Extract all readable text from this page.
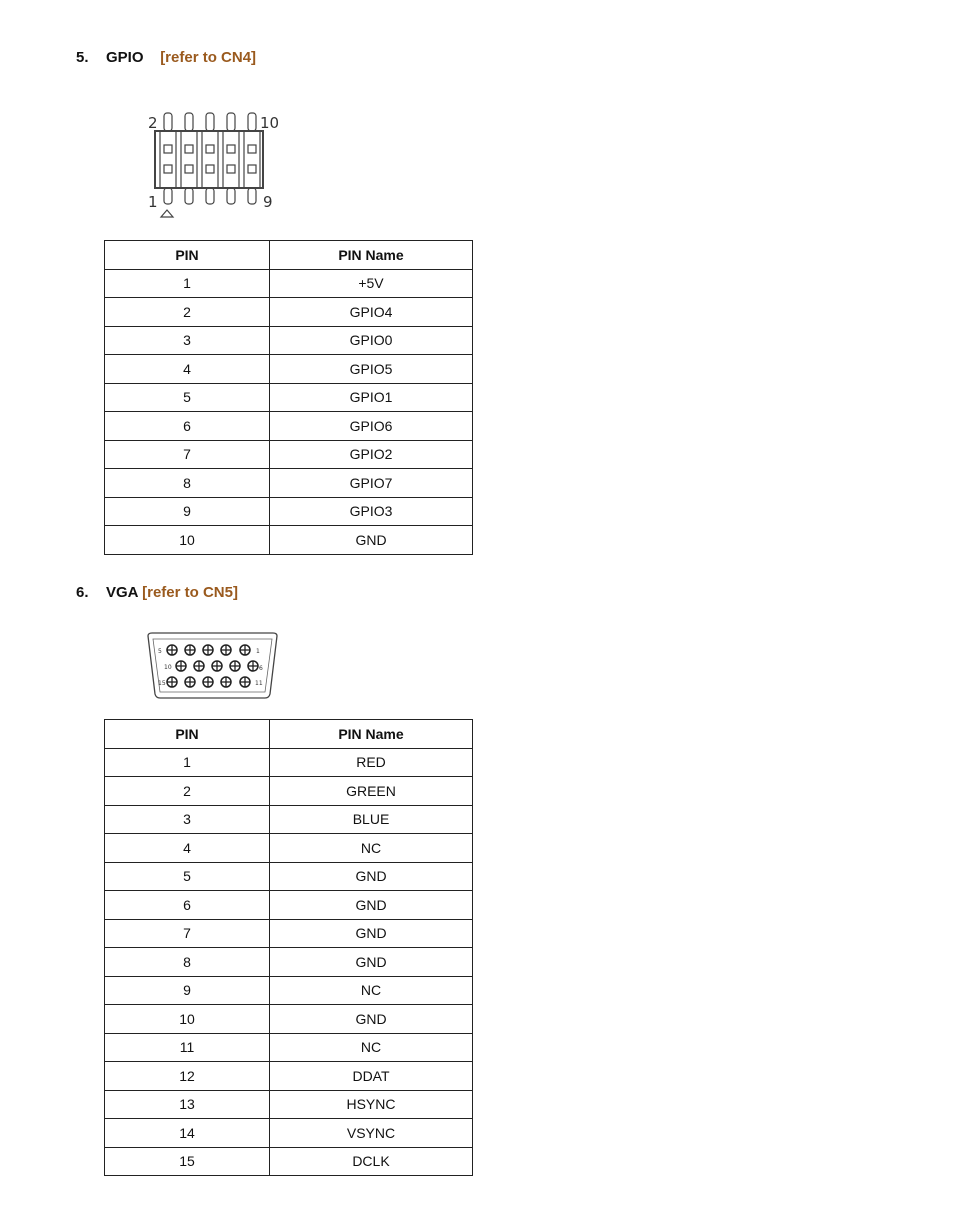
5. GPIO [refer to CN4]
2	10
1	9
PIN	PIN Name
1	+5V
2	GPIO4
3	GPIO0
4	GPIO5
5	GPIO1
6	GPIO6
7	GPIO2
8	GPIO7
9	GPIO3
10	GND
6. VGA [refer to CN5]
5	1
10	6
15	11
PIN	PIN Name
1	RED
2	GREEN
3	BLUE
4	NC
5	GND
6	GND
7	GND
8	GND
9	NC
10	GND
11	NC
12	DDAT
13	HSYNC
14	VSYNC
15	DCLK
